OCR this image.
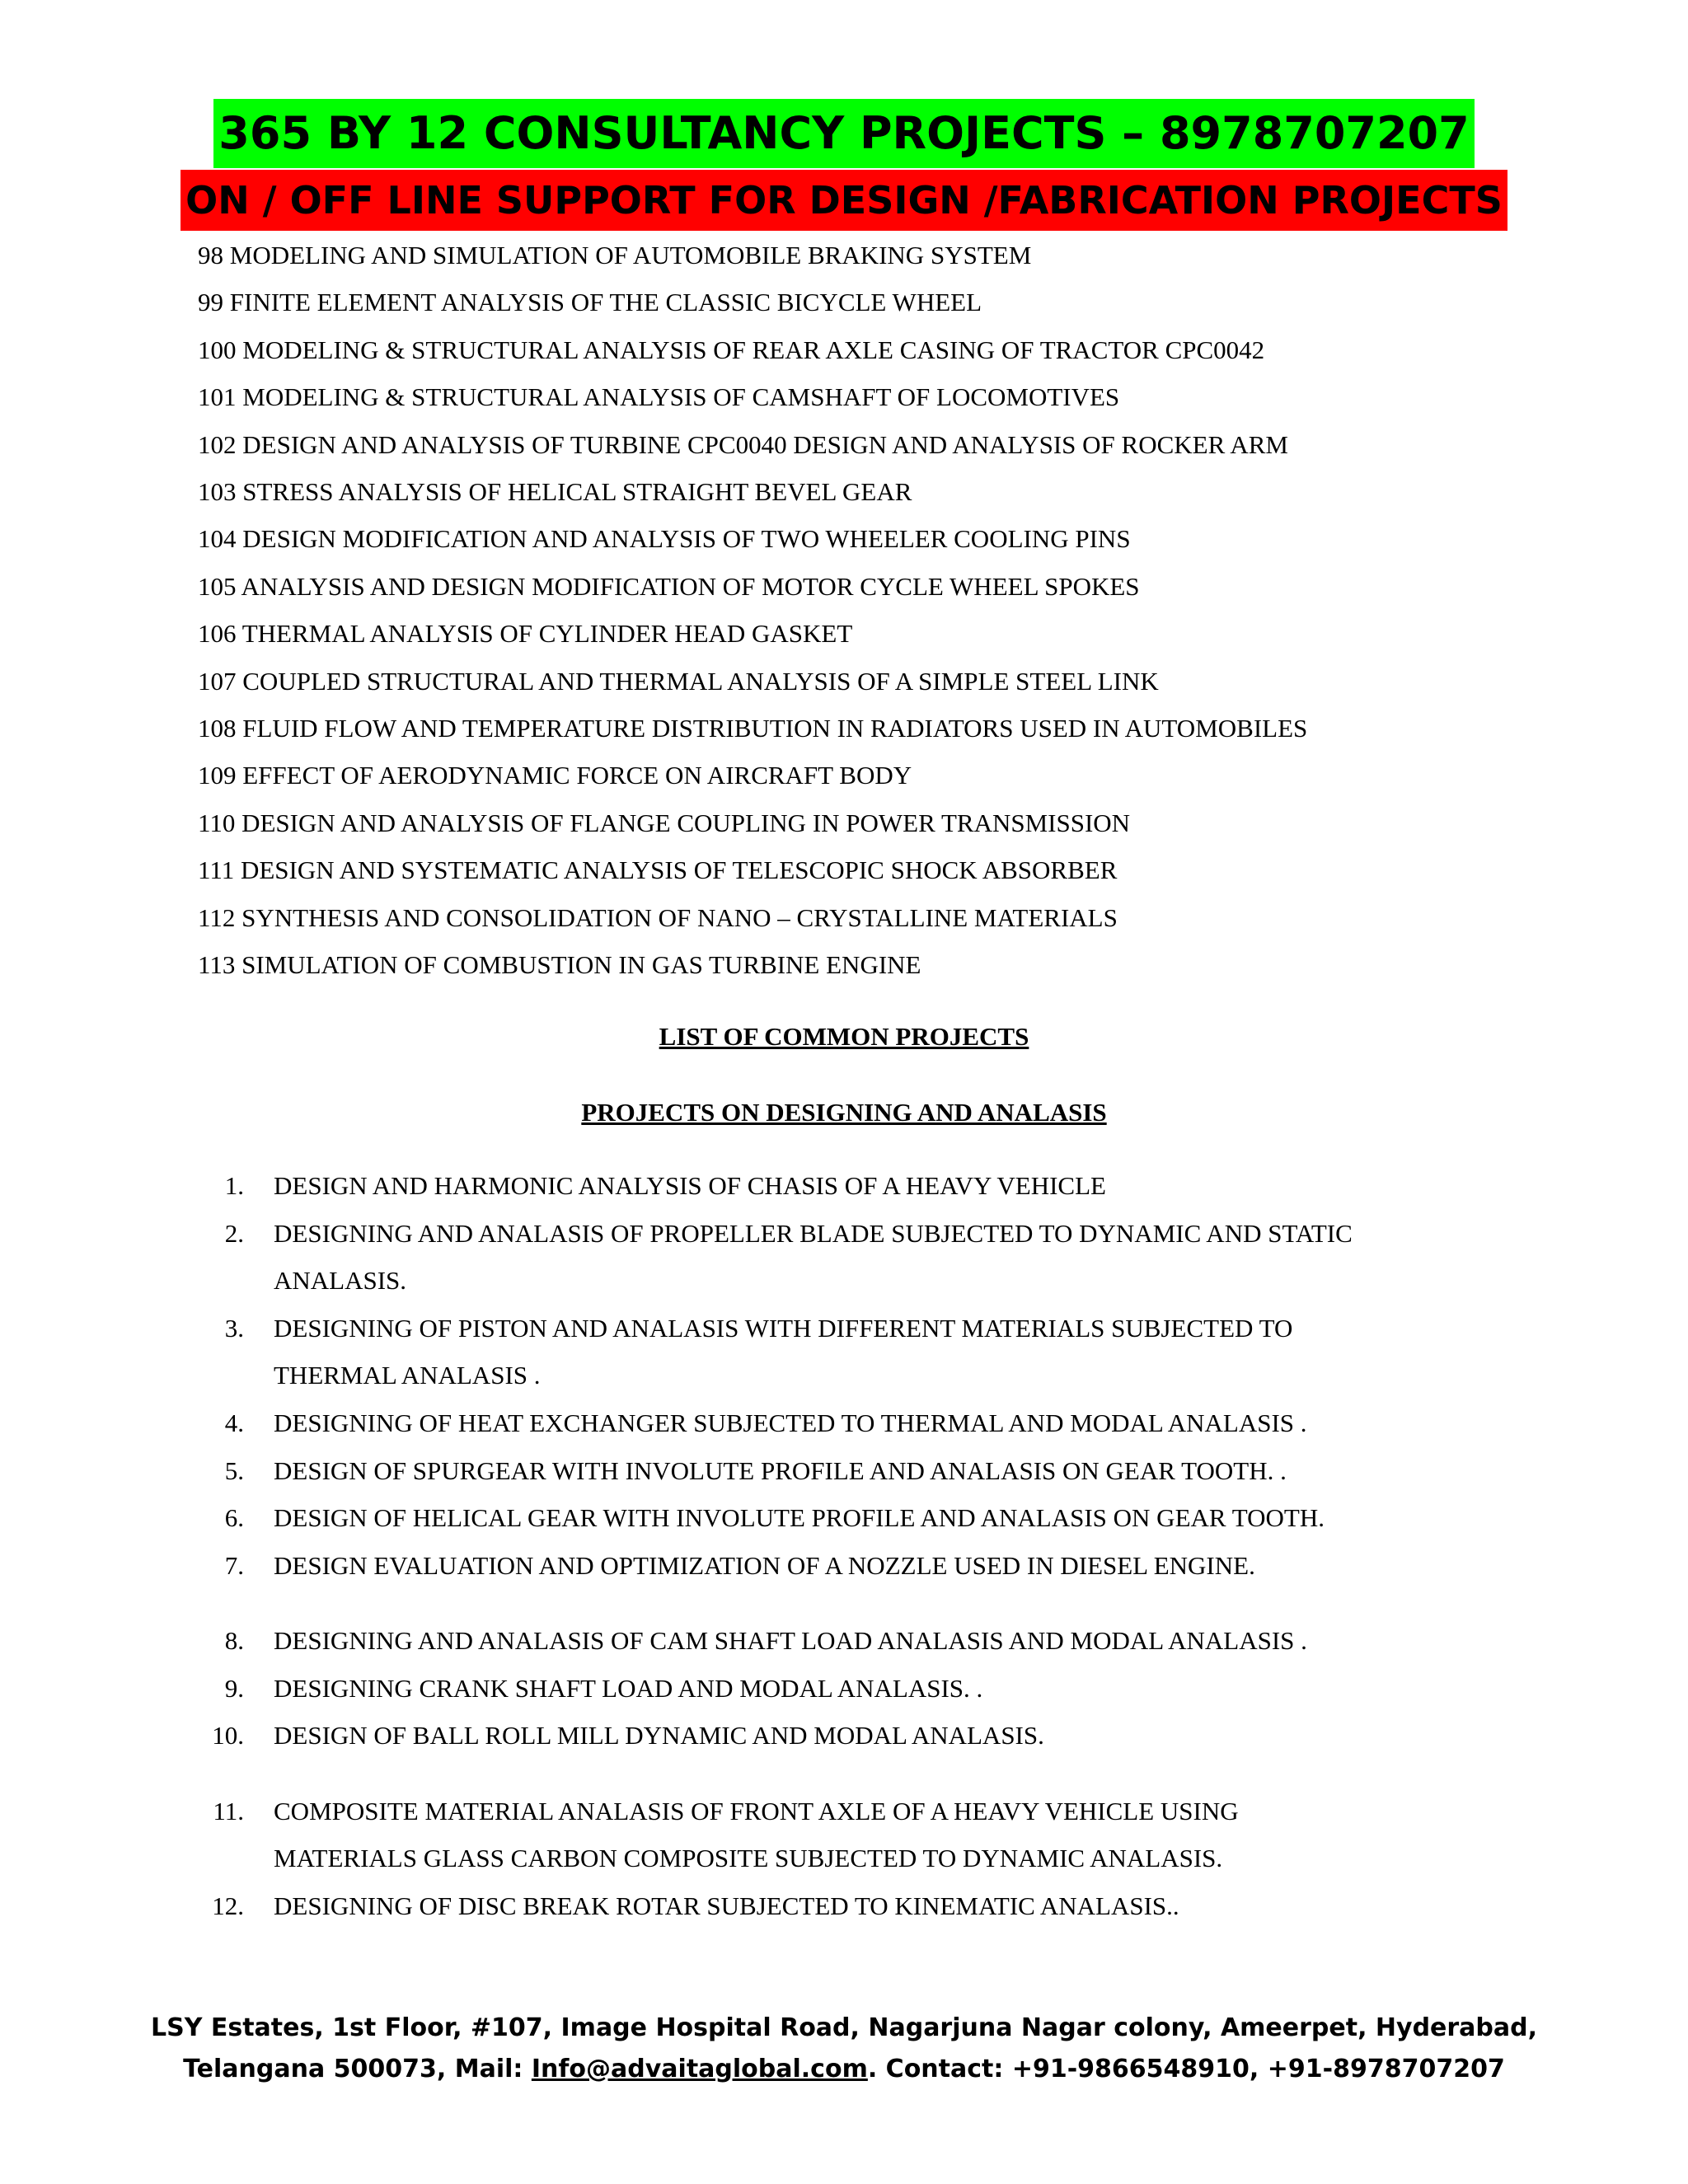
365 BY 12 CONSULTANCY PROJECTS – 8978707207
ON / OFF LINE SUPPORT FOR DESIGN /FABRICATION PROJECTS
98 MODELING AND SIMULATION OF AUTOMOBILE BRAKING SYSTEM
99 FINITE ELEMENT ANALYSIS OF THE CLASSIC BICYCLE WHEEL
100 MODELING & STRUCTURAL ANALYSIS OF REAR AXLE CASING OF TRACTOR CPC0042
101 MODELING & STRUCTURAL ANALYSIS OF CAMSHAFT OF LOCOMOTIVES
102 DESIGN AND ANALYSIS OF TURBINE CPC0040 DESIGN AND ANALYSIS OF ROCKER ARM
103 STRESS ANALYSIS OF HELICAL STRAIGHT BEVEL GEAR
104 DESIGN MODIFICATION AND ANALYSIS OF TWO WHEELER COOLING PINS
105 ANALYSIS AND DESIGN MODIFICATION OF MOTOR CYCLE WHEEL SPOKES
106 THERMAL ANALYSIS OF CYLINDER HEAD GASKET
107 COUPLED STRUCTURAL AND THERMAL ANALYSIS OF A SIMPLE STEEL LINK
108 FLUID FLOW AND TEMPERATURE DISTRIBUTION IN RADIATORS USED IN AUTOMOBILES
109 EFFECT OF AERODYNAMIC FORCE ON AIRCRAFT BODY
110 DESIGN AND ANALYSIS OF FLANGE COUPLING IN POWER TRANSMISSION
111 DESIGN AND SYSTEMATIC ANALYSIS OF TELESCOPIC SHOCK ABSORBER
112 SYNTHESIS AND CONSOLIDATION OF NANO – CRYSTALLINE MATERIALS
113 SIMULATION OF COMBUSTION IN GAS TURBINE ENGINE
LIST OF COMMON PROJECTS
PROJECTS ON DESIGNING AND ANALASIS
1. DESIGN AND HARMONIC ANALYSIS OF CHASIS OF A HEAVY VEHICLE
2. DESIGNING AND ANALASIS OF PROPELLER BLADE SUBJECTED TO DYNAMIC AND STATIC
ANALASIS.
3. DESIGNING OF PISTON AND ANALASIS WITH DIFFERENT MATERIALS SUBJECTED TO
THERMAL ANALASIS .
4. DESIGNING OF HEAT EXCHANGER SUBJECTED TO THERMAL AND MODAL ANALASIS .
5. DESIGN OF SPURGEAR WITH INVOLUTE PROFILE AND ANALASIS ON GEAR TOOTH. .
6. DESIGN OF HELICAL GEAR WITH INVOLUTE PROFILE AND ANALASIS ON GEAR TOOTH.
7. DESIGN EVALUATION AND OPTIMIZATION OF A NOZZLE USED IN DIESEL ENGINE.
8. DESIGNING AND ANALASIS OF CAM SHAFT LOAD ANALASIS AND MODAL ANALASIS .
9. DESIGNING CRANK SHAFT LOAD AND MODAL ANALASIS. .
10. DESIGN OF BALL ROLL MILL DYNAMIC AND MODAL ANALASIS.
11. COMPOSITE MATERIAL ANALASIS OF FRONT AXLE OF A HEAVY VEHICLE USING
MATERIALS GLASS CARBON COMPOSITE SUBJECTED TO DYNAMIC ANALASIS.
12. DESIGNING OF DISC BREAK ROTAR SUBJECTED TO KINEMATIC ANALASIS..
LSY Estates, 1st Floor, #107, Image Hospital Road, Nagarjuna Nagar colony, Ameerpet, Hyderabad,
Telangana 500073, Mail: Info@advaitaglobal.com. Contact: +91-9866548910, +91-8978707207
